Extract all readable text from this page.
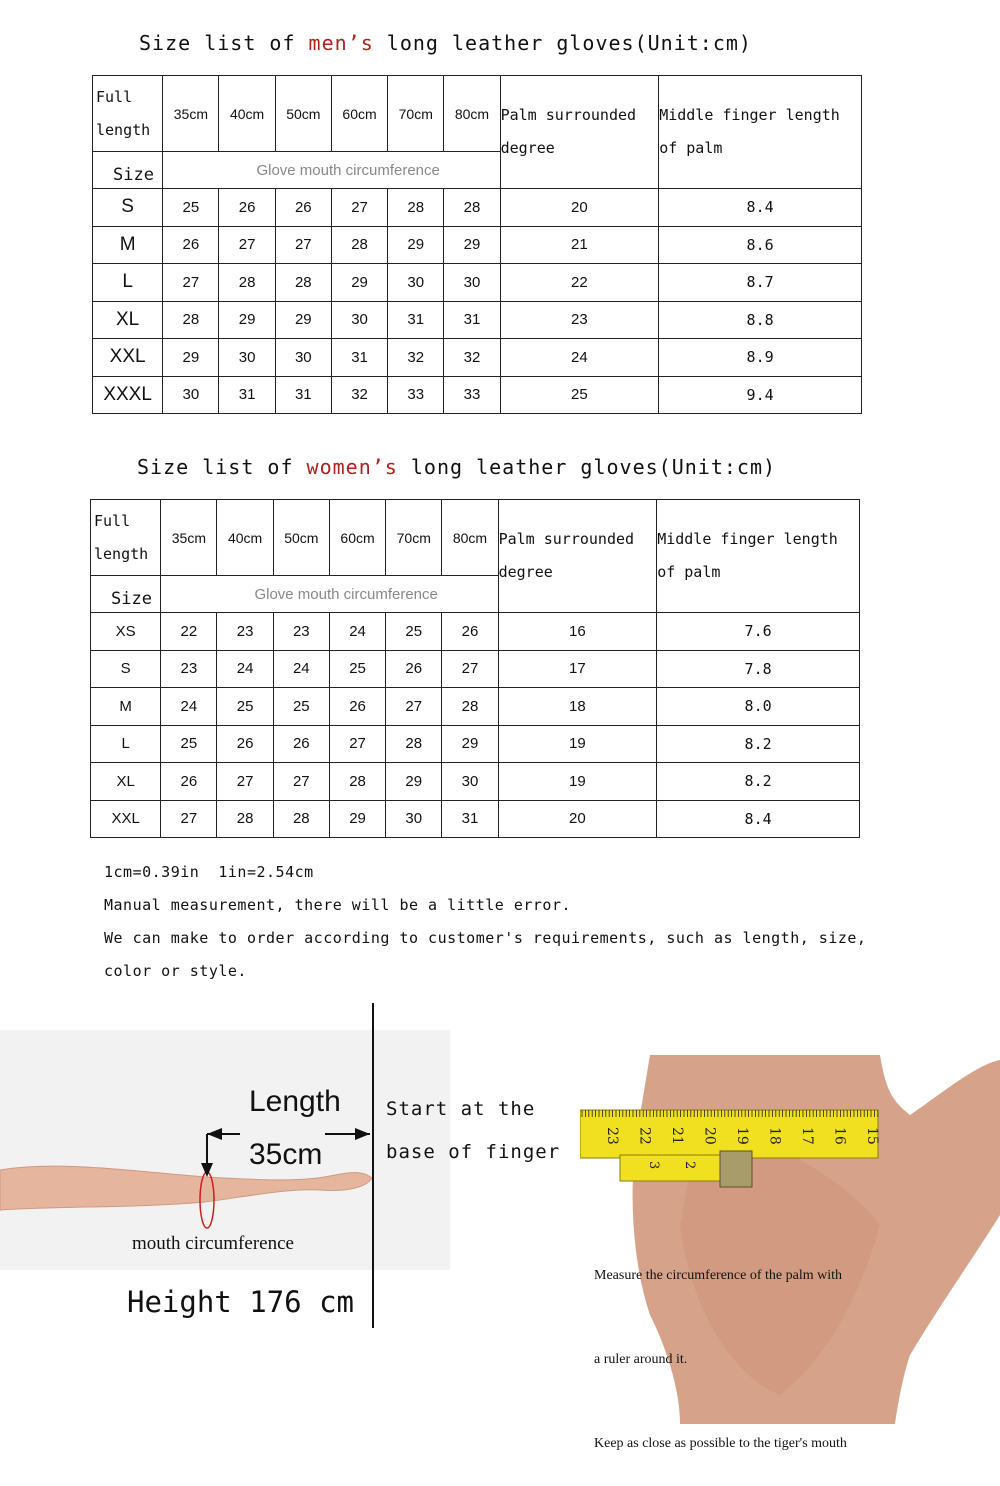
Size list of men’s long leather gloves(Unit:cm)
Full length	35cm	40cm	50cm	60cm	70cm	80cm	Palm surrounded degree	Middle finger length of palm
Size	Glove mouth circumference							
S	25	26	26	27	28	28	20	8.4
M	26	27	27	28	29	29	21	8.6
L	27	28	28	29	30	30	22	8.7
XL	28	29	29	30	31	31	23	8.8
XXL	29	30	30	31	32	32	24	8.9
XXXL	30	31	31	32	33	33	25	9.4
Size list of women’s long leather gloves(Unit:cm)
Full length	35cm	40cm	50cm	60cm	70cm	80cm	Palm surrounded degree	Middle finger length of palm
Size	Glove mouth circumference							
XS	22	23	23	24	25	26	16	7.6
S	23	24	24	25	26	27	17	7.8
M	24	25	25	26	27	28	18	8.0
L	25	26	26	27	28	29	19	8.2
XL	26	27	27	28	29	30	19	8.2
XXL	27	28	28	29	30	31	20	8.4
1cm=0.39in  1in=2.54cm
Manual measurement, there will be a little error.
We can make to order according to customer's requirements, such as length, size,
color or style.
Length
35cm
Start at the
base of finger
mouth circumference
Height 176 cm
23 22 21 20 19 18 17 16 15
3 2

Measure the circumference of the palm with

a ruler around it.

Keep as close as possible to the tiger's mouth
